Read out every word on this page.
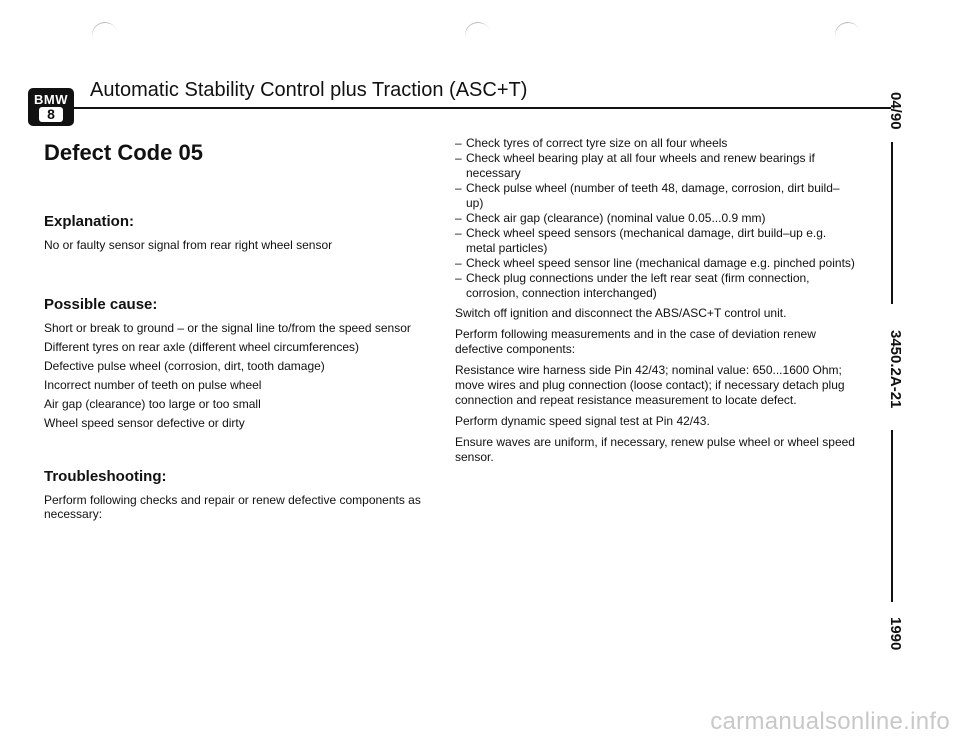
BMW
8
Automatic Stability Control plus Traction (ASC+T)
Defect Code 05
Explanation:

No or faulty sensor signal from rear right wheel sensor

Possible cause:

Short or break to ground – or the signal line to/from the speed sensor

Different tyres on rear axle (different wheel circumferences)

Defective pulse wheel (corrosion, dirt, tooth damage)

Incorrect number of teeth on pulse wheel

Air gap (clearance) too large or too small

Wheel speed sensor defective or dirty

Troubleshooting:

Perform following checks and repair or renew defective components as necessary:

– Check tyres of correct tyre size on all four wheels
– Check wheel bearing play at all four wheels and renew bearings if necessary
– Check pulse wheel (number of teeth 48, damage, corrosion, dirt build–up)
– Check air gap (clearance) (nominal value 0.05...0.9 mm)
– Check wheel speed sensors (mechanical damage, dirt build–up e.g. metal particles)
– Check wheel speed sensor line (mechanical damage e.g. pinched points)
– Check plug connections under the left rear seat (firm connection, corrosion, connection interchanged)

Switch off ignition and disconnect the ABS/ASC+T control unit.

Perform following measurements and in the case of deviation renew defective components:

Resistance wire harness side Pin 42/43; nominal value: 650...1600 Ohm; move wires and plug connection (loose contact); if necessary detach plug connection and repeat resistance measurement to locate defect.

Perform dynamic speed signal test at Pin 42/43.

Ensure waves are uniform, if necessary, renew pulse wheel or wheel speed sensor.

04/90
3450.2A-21
1990
carmanualsonline.info
